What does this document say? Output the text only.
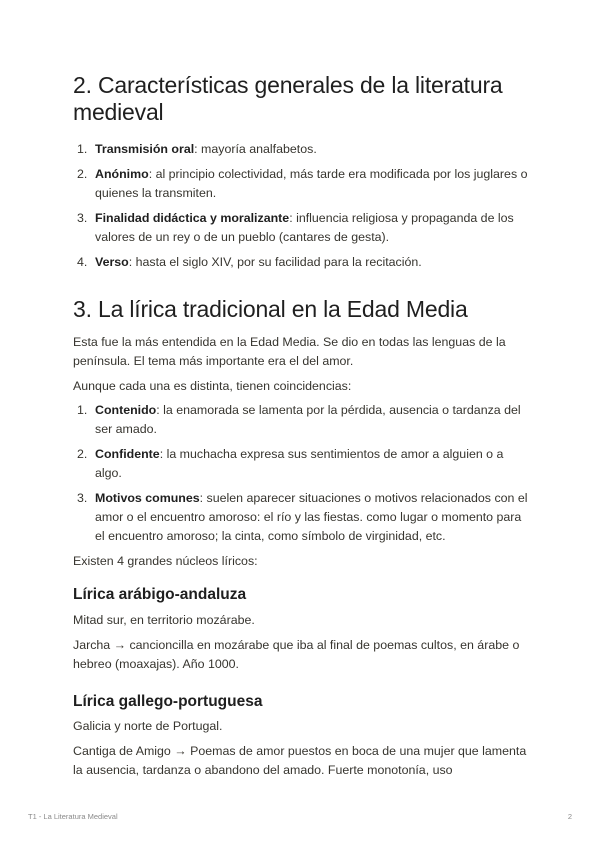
2. Características generales de la literatura medieval
1. Transmisión oral: mayoría analfabetos.
2. Anónimo: al principio colectividad, más tarde era modificada por los juglares o quienes la transmiten.
3. Finalidad didáctica y moralizante: influencia religiosa y propaganda de los valores de un rey o de un pueblo (cantares de gesta).
4. Verso: hasta el siglo XIV, por su facilidad para la recitación.
3. La lírica tradicional en la Edad Media

Esta fue la más entendida en la Edad Media. Se dio en todas las lenguas de la península. El tema más importante era el del amor.

Aunque cada una es distinta, tienen coincidencias:

1. Contenido: la enamorada se lamenta por la pérdida, ausencia o tardanza del ser amado.
2. Confidente: la muchacha expresa sus sentimientos de amor a alguien o a algo.
3. Motivos comunes: suelen aparecer situaciones o motivos relacionados con el amor o el encuentro amoroso: el río y las fiestas. como lugar o momento para el encuentro amoroso; la cinta, como símbolo de virginidad, etc.

Existen 4 grandes núcleos líricos:

Lírica arábigo-andaluza

Mitad sur, en territorio mozárabe.

Jarcha → cancioncilla en mozárabe que iba al final de poemas cultos, en árabe o hebreo (moaxajas). Año 1000.

Lírica gallego-portuguesa

Galicia y norte de Portugal.

Cantiga de Amigo → Poemas de amor puestos en boca de una mujer que lamenta la ausencia, tardanza o abandono del amado. Fuerte monotonía, uso

T1 - La Literatura Medieval	2
